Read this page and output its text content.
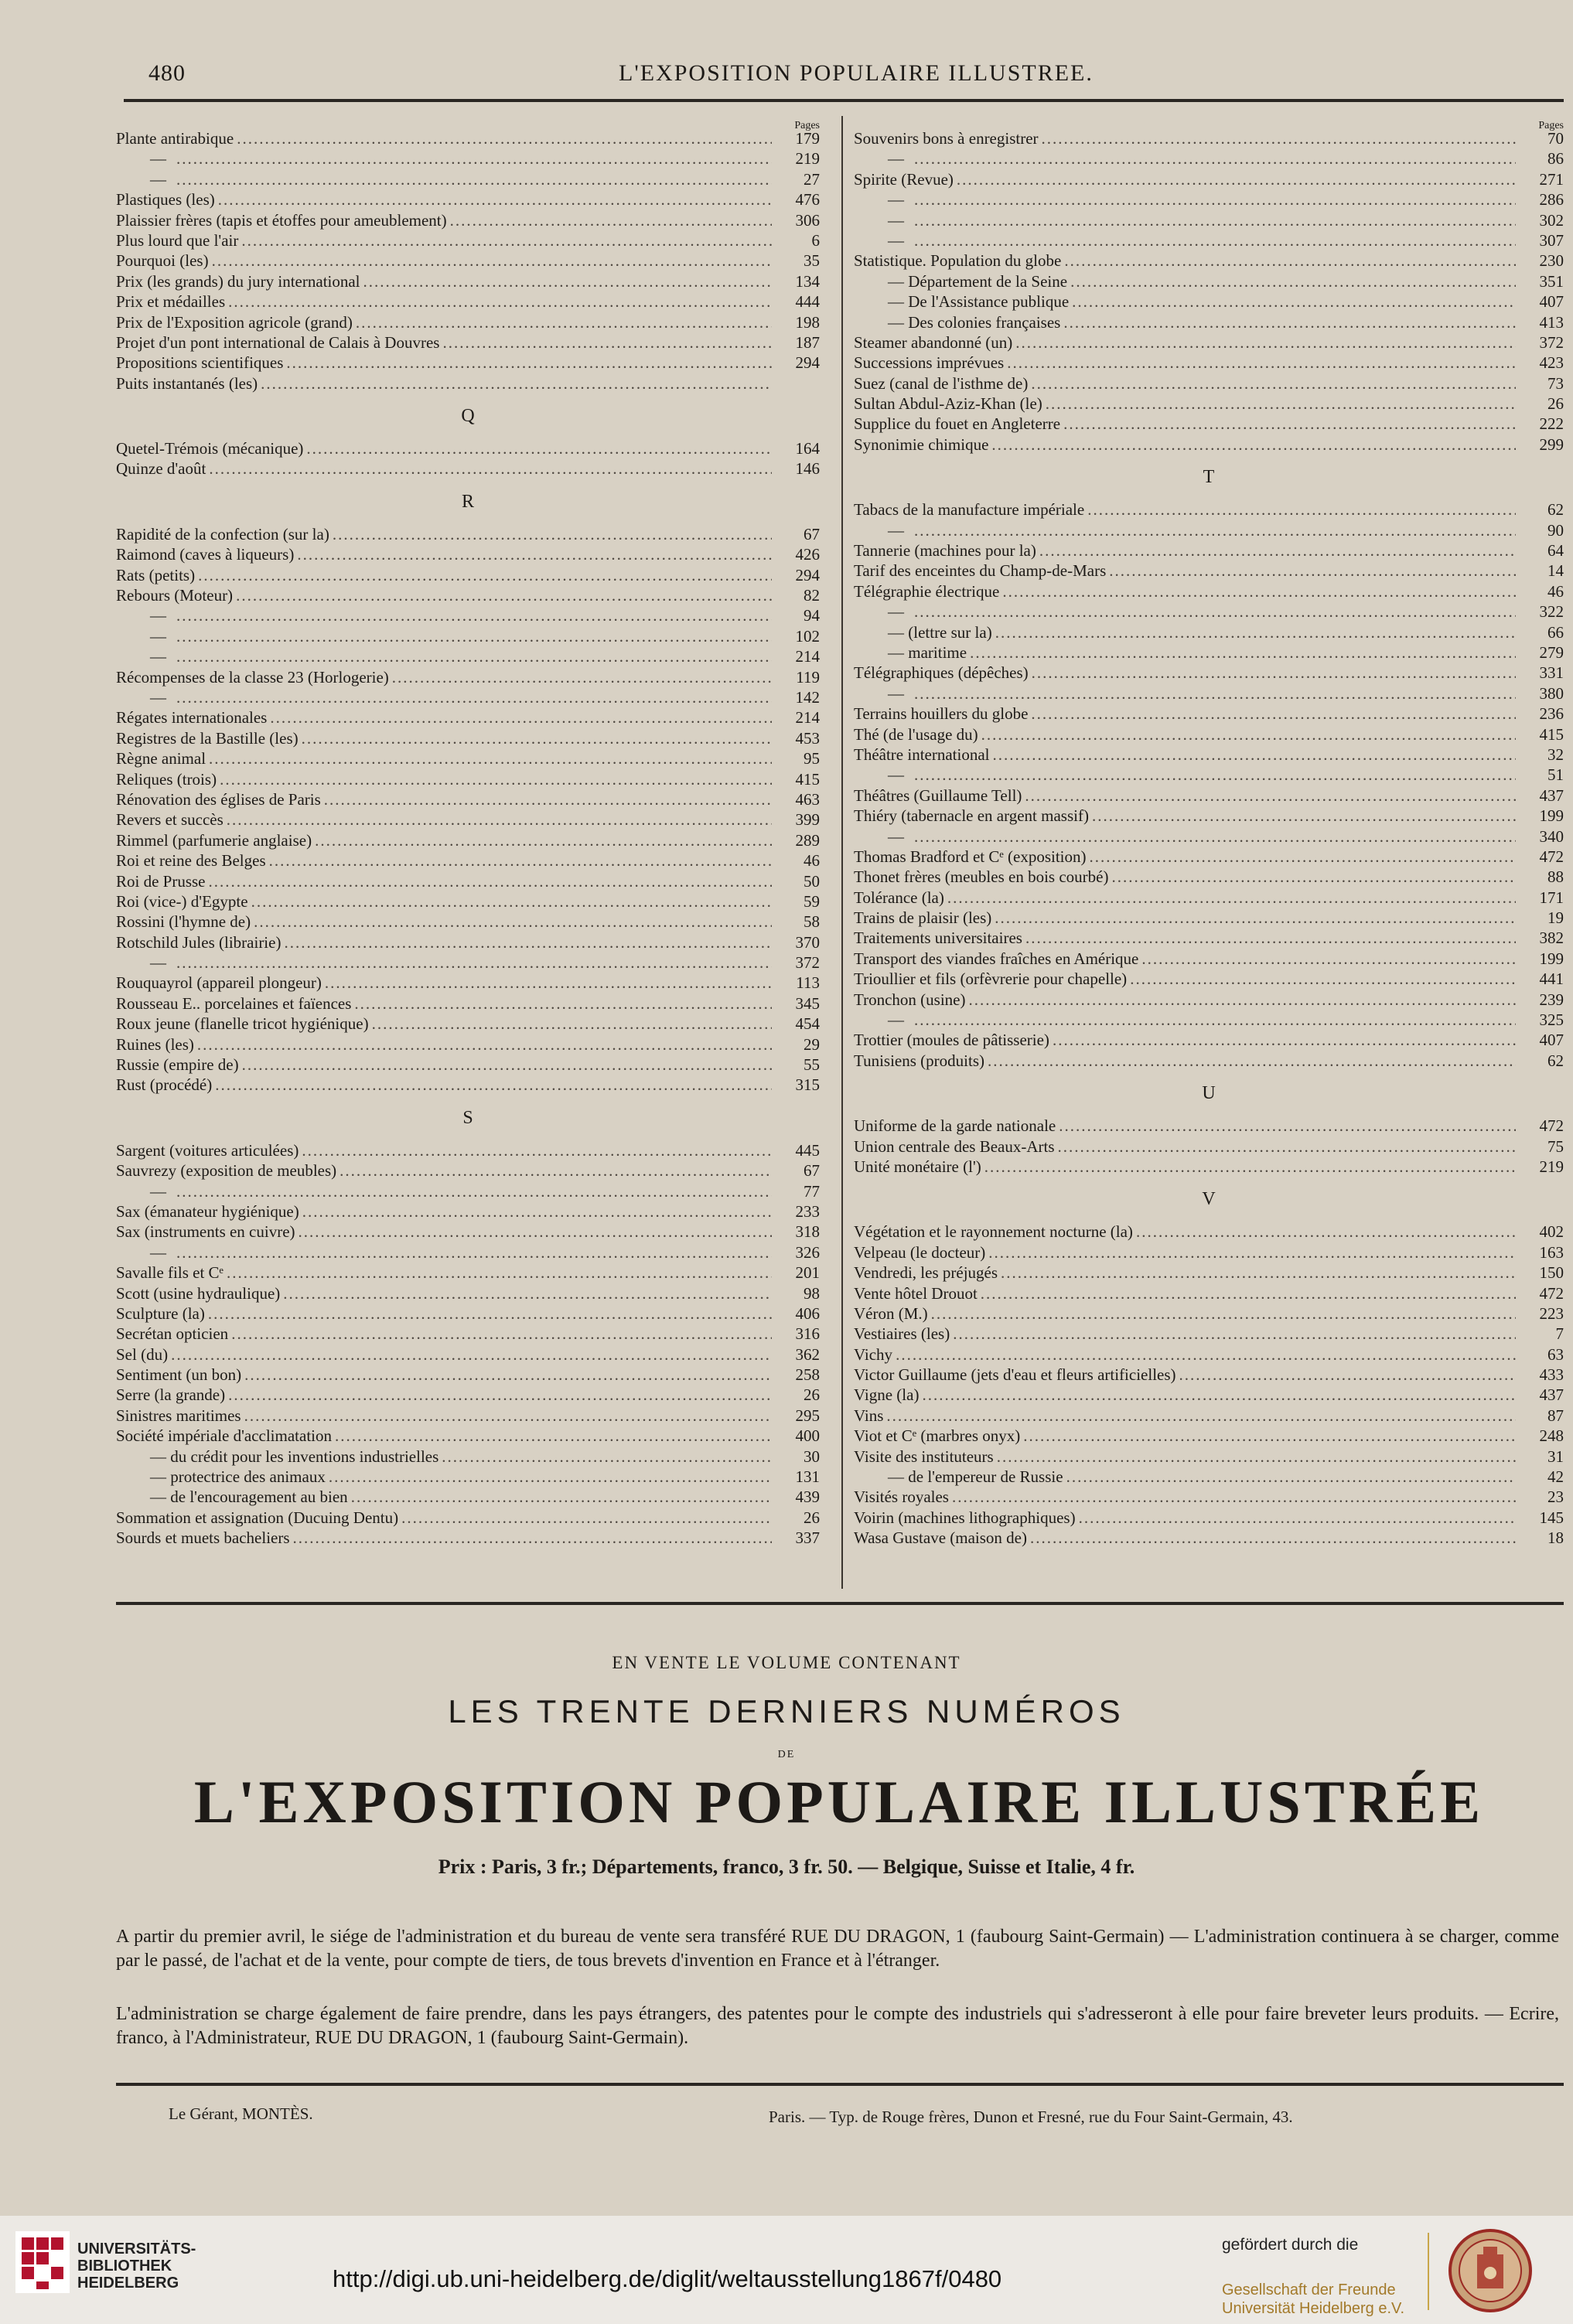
480	L'EXPOSITION POPULAIRE ILLUSTREE.
Pages
Plante antirabique .....	179
— .....	219
— .....	27
Plastiques (les) .....	476
Plaissier frères (tapis et étoffes pour ameublement) .....	306
Plus lourd que l'air .....	6
Pourquoi (les) .....	35
Prix (les grands) du jury international .....	134
Prix et médailles .....	444
Prix de l'Exposition agricole (grand) .....	198
Projet d'un pont international de Calais à Douvres .....	187
Propositions scientifiques .....	294
Puits instantanés (les)
.....
Q
Quetel-Trémois (mécanique) .....	164
Quinze d'août .....	146
R
Rapidité de la confection (sur la) .....	67
Raimond (caves à liqueurs) .....	426
Rats (petits) .....	294
Rebours (Moteur) .....	82
— .....	94
— .....	102
— .....	214
Récompenses de la classe 23 (Horlogerie) .....	119
— .....	142
Régates internationales .....	214
Registres de la Bastille (les) .....	453
Règne animal .....	95
Reliques (trois) .....	415
Rénovation des églises de Paris .....	463
Revers et succès .....	399
Rimmel (parfumerie anglaise) .....	289
Roi et reine des Belges .....	46
Roi de Prusse .....	50
Roi (vice-) d'Egypte .....	59
Rossini (l'hymne de) .....	58
Rotschild Jules (librairie) .....	370
— .....	372
Rouquayrol (appareil plongeur) .....	113
Rousseau E.. porcelaines et faïences .....	345
Roux jeune (flanelle tricot hygiénique) .....	454
Ruines (les) .....	29
Russie (empire de) .....	55
Rust (procédé) .....	315
S
Sargent (voitures articulées) .....	445
Sauvrezy (exposition de meubles) .....	67
— .....	77
Sax (émanateur hygiénique) .....	233
Sax (instruments en cuivre) .....	318
— .....	326
Savalle fils et Cᵉ .....	201
Scott (usine hydraulique) .....	98
Sculpture (la) .....	406
Secrétan opticien .....	316
Sel (du) .....	362
Sentiment (un bon) .....	258
Serre (la grande) .....	26
Sinistres maritimes .....	295
Société impériale d'acclimatation .....	400
— du crédit pour les inventions industrielles .....	30
— protectrice des animaux .....	131
— de l'encouragement au bien .....	439
Sommation et assignation (Ducuing Dentu) .....	26
Sourds et muets bacheliers .....	337
Pages
Souvenirs bons à enregistrer .....	70
— .....	86
Spirite (Revue) .....	271
— .....	286
— .....	302
— .....	307
Statistique. Population du globe .....	230
— Département de la Seine .....	351
— De l'Assistance publique .....	407
— Des colonies françaises .....	413
Steamer abandonné (un) .....	372
Successions imprévues .....	423
Suez (canal de l'isthme de) .....	73
Sultan Abdul-Aziz-Khan (le) .....	26
Supplice du fouet en Angleterre .....	222
Synonimie chimique .....	299
T
Tabacs de la manufacture impériale .....	62
— .....	90
Tannerie (machines pour la) .....	64
Tarif des enceintes du Champ-de-Mars .....	14
Télégraphie électrique .....	46
— .....	322
— (lettre sur la) .....	66
— maritime .....	279
Télégraphiques (dépêches) .....	331
— .....	380
Terrains houillers du globe .....	236
Thé (de l'usage du) .....	415
Théâtre international .....	32
— .....	51
Théâtres (Guillaume Tell) .....	437
Thiéry (tabernacle en argent massif) .....	199
— .....	340
Thomas Bradford et Cᵉ (exposition) .....	472
Thonet frères (meubles en bois courbé) .....	88
Tolérance (la) .....	171
Trains de plaisir (les) .....	19
Traitements universitaires .....	382
Transport des viandes fraîches en Amérique .....	199
Trioullier et fils (orfèvrerie pour chapelle) .....	441
Tronchon (usine) .....	239
— .....	325
Trottier (moules de pâtisserie) .....	407
Tunisiens (produits) .....	62
U
Uniforme de la garde nationale .....	472
Union centrale des Beaux-Arts .....	75
Unité monétaire (l') .....	219
V
Végétation et le rayonnement nocturne (la) .....	402
Velpeau (le docteur) .....	163
Vendredi, les préjugés .....	150
Vente hôtel Drouot .....	472
Véron (M.) .....	223
Vestiaires (les) .....	7
Vichy .....	63
Victor Guillaume (jets d'eau et fleurs artificielles) .....	433
Vigne (la) .....	437
Vins .....	87
Viot et Cᵉ (marbres onyx) .....	248
Visite des instituteurs .....	31
— de l'empereur de Russie .....	42
Visités royales .....	23
Voirin (machines lithographiques) .....	145
Wasa Gustave (maison de) .....	18
EN VENTE LE VOLUME CONTENANT
LES TRENTE DERNIERS NUMÉROS
DE
L'EXPOSITION POPULAIRE ILLUSTRÉE
Prix : Paris, 3 fr.; Départements, franco, 3 fr. 50. — Belgique, Suisse et Italie, 4 fr.
A partir du premier avril, le siége de l'administration et du bureau de vente sera transféré RUE DU DRAGON, 1 (faubourg Saint-Germain) — L'administration continuera à se charger, comme par le passé, de l'achat et de la vente, pour compte de tiers, de tous brevets d'invention en France et à l'étranger.
L'administration se charge également de faire prendre, dans les pays étrangers, des patentes pour le compte des industriels qui s'adresseront à elle pour faire breveter leurs produits. — Ecrire, franco, à l'Administrateur, RUE DU DRAGON, 1 (faubourg Saint-Germain).
Le Gérant, MONTÈS.	Paris. — Typ. de Rouge frères, Dunon et Fresné, rue du Four Saint-Germain, 43.
UNIVERSITÄTS-
BIBLIOTHEK
HEIDELBERG	http://digi.ub.uni-heidelberg.de/diglit/weltausstellung1867f/0480
gefördert durch die
Gesellschaft der Freunde
Universität Heidelberg e.V.
